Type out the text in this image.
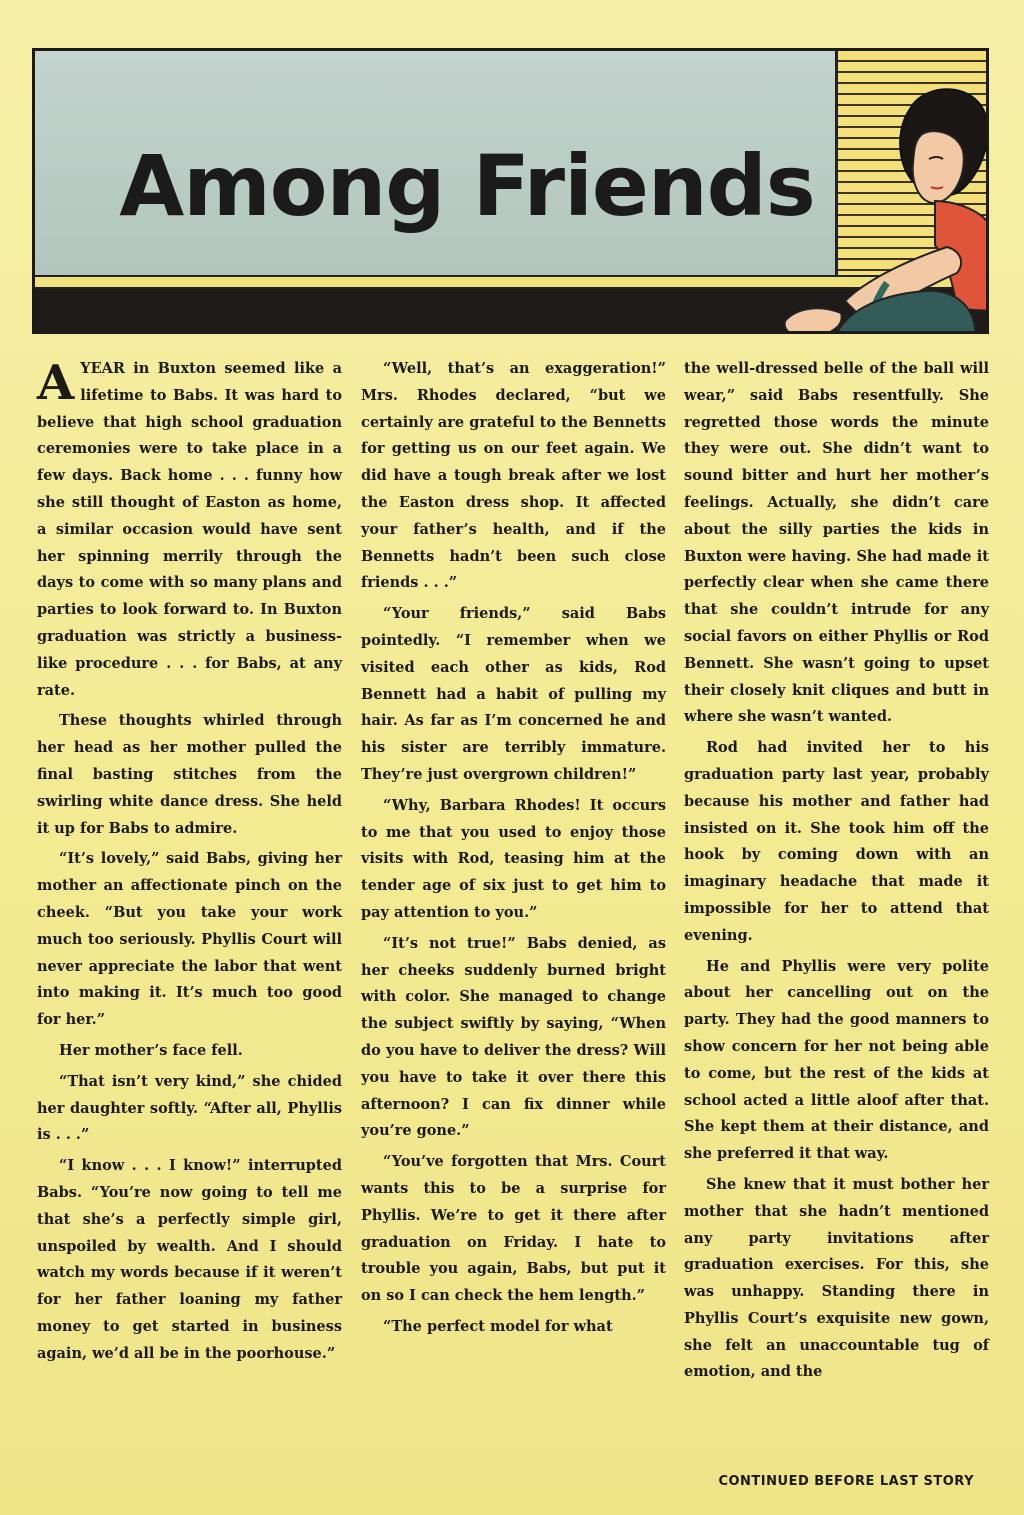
Among Friends

AYEAR in Buxton seemed like a lifetime to Babs. It was hard to believe that high school graduation ceremonies were to take place in a few days. Back home . . . funny how she still thought of Easton as home, a similar occasion would have sent her spinning merrily through the days to come with so many plans and parties to look forward to. In Buxton graduation was strictly a business-like procedure . . . for Babs, at any rate.

These thoughts whirled through her head as her mother pulled the final basting stitches from the swirling white dance dress. She held it up for Babs to admire.

“It’s lovely,” said Babs, giving her mother an affectionate pinch on the cheek. “But you take your work much too seriously. Phyllis Court will never appreciate the labor that went into making it. It’s much too good for her.”

Her mother’s face fell.

“That isn’t very kind,” she chided her daughter softly. “After all, Phyllis is . . .”

“I know . . . I know!” interrupted Babs. “You’re now going to tell me that she’s a perfectly simple girl, unspoiled by wealth. And I should watch my words because if it weren’t for her father loaning my father money to get started in business again, we’d all be in the poorhouse.”

“Well, that’s an exaggeration!” Mrs. Rhodes declared, “but we certainly are grateful to the Bennetts for getting us on our feet again. We did have a tough break after we lost the Easton dress shop. It affected your father’s health, and if the Bennetts hadn’t been such close friends . . .”

“Your friends,” said Babs pointedly. “I remember when we visited each other as kids, Rod Bennett had a habit of pulling my hair. As far as I’m concerned he and his sister are terribly immature. They’re just overgrown children!”

“Why, Barbara Rhodes! It occurs to me that you used to enjoy those visits with Rod, teasing him at the tender age of six just to get him to pay attention to you.”

“It’s not true!” Babs denied, as her cheeks suddenly burned bright with color. She managed to change the subject swiftly by saying, “When do you have to deliver the dress? Will you have to take it over there this afternoon? I can fix dinner while you’re gone.”

“You’ve forgotten that Mrs. Court wants this to be a surprise for Phyllis. We’re to get it there after graduation on Friday. I hate to trouble you again, Babs, but put it on so I can check the hem length.”

“The perfect model for what

the well-dressed belle of the ball will wear,” said Babs resentfully. She regretted those words the minute they were out. She didn’t want to sound bitter and hurt her mother’s feelings. Actually, she didn’t care about the silly parties the kids in Buxton were having. She had made it perfectly clear when she came there that she couldn’t intrude for any social favors on either Phyllis or Rod Bennett. She wasn’t going to upset their closely knit cliques and butt in where she wasn’t wanted.

Rod had invited her to his graduation party last year, probably because his mother and father had insisted on it. She took him off the hook by coming down with an imaginary headache that made it impossible for her to attend that evening.

He and Phyllis were very polite about her cancelling out on the party. They had the good manners to show concern for her not being able to come, but the rest of the kids at school acted a little aloof after that. She kept them at their distance, and she preferred it that way.

She knew that it must bother her mother that she hadn’t mentioned any party invitations after graduation exercises. For this, she was unhappy. Standing there in Phyllis Court’s exquisite new gown, she felt an unaccountable tug of emotion, and the

CONTINUED BEFORE LAST STORY
